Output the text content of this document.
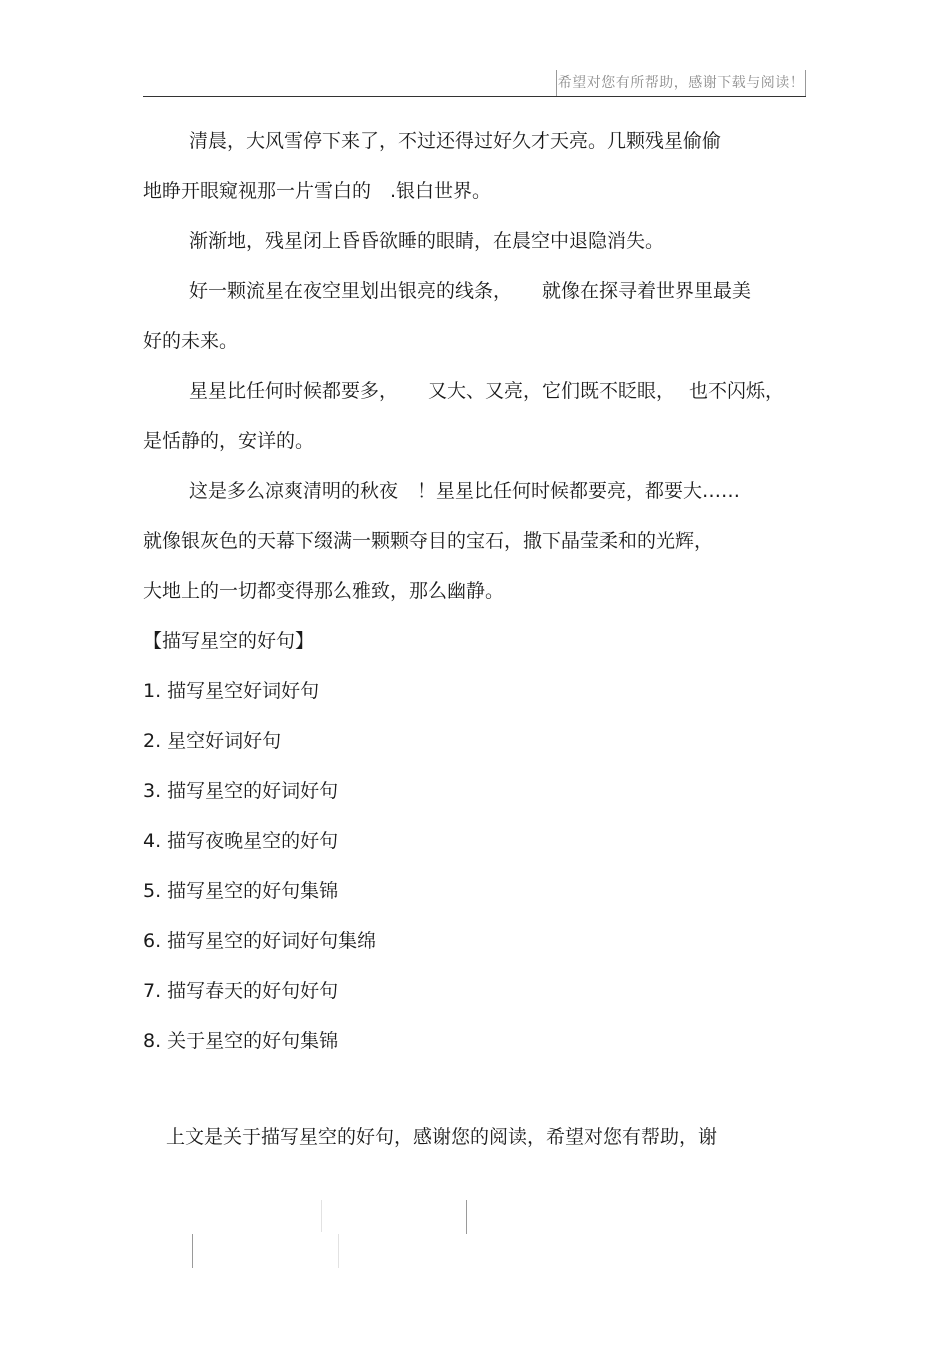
希望对您有所帮助，感谢下载与阅读！
清晨，大风雪停下来了，不过还得过好久才天亮。几颗残星偷偷
地睁开眼窥视那一片雪白的　.银白世界。
渐渐地，残星闭上昏昏欲睡的眼睛，在晨空中退隐消失。
好一颗流星在夜空里划出银亮的线条， 就像在探寻着世界里最美
好的未来。
星星比任何时候都要多， 又大、又亮，它们既不眨眼， 也不闪烁，
是恬静的，安详的。
这是多么凉爽清明的秋夜　！星星比任何时候都要亮，都要大……
就像银灰色的天幕下缀满一颗颗夺目的宝石，撒下晶莹柔和的光辉，
大地上的一切都变得那么雅致，那么幽静。
【描写星空的好句】
1. 描写星空好词好句
2. 星空好词好句
3. 描写星空的好词好句
4. 描写夜晚星空的好句
5. 描写星空的好句集锦
6. 描写星空的好词好句集绵
7. 描写春天的好句好句
8. 关于星空的好句集锦
上文是关于描写星空的好句，感谢您的阅读，希望对您有帮助，谢
